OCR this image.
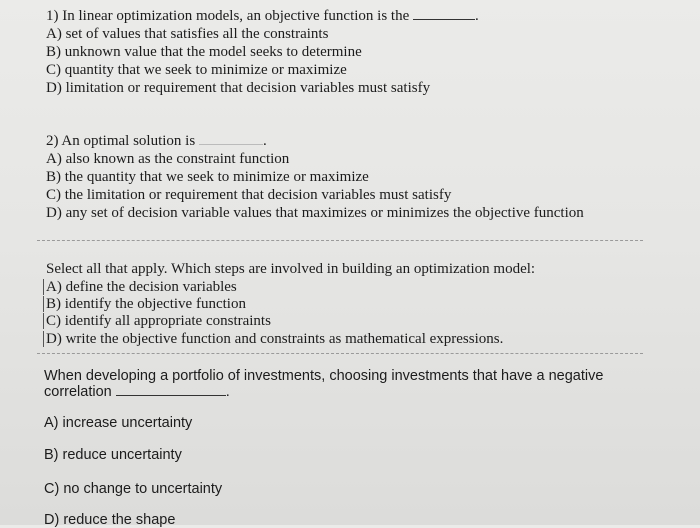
1) In linear optimization models, an objective function is the	.
A) set of values that satisfies all the constraints
B) unknown value that the model seeks to determine
C) quantity that we seek to minimize or maximize
D) limitation or requirement that decision variables must satisfy
2) An optimal solution is	.
A) also known as the constraint function
B) the quantity that we seek to minimize or maximize
C) the limitation or requirement that decision variables must satisfy
D) any set of decision variable values that maximizes or minimizes the objective function
Select all that apply. Which steps are involved in building an optimization model:
A) define the decision variables
B) identify the objective function
C) identify all appropriate constraints
D) write the objective function and constraints as mathematical expressions.
When developing a portfolio of investments, choosing investments that have a negative
correlation	.
A) increase uncertainty
B) reduce uncertainty
C) no change to uncertainty
D) reduce the shape
